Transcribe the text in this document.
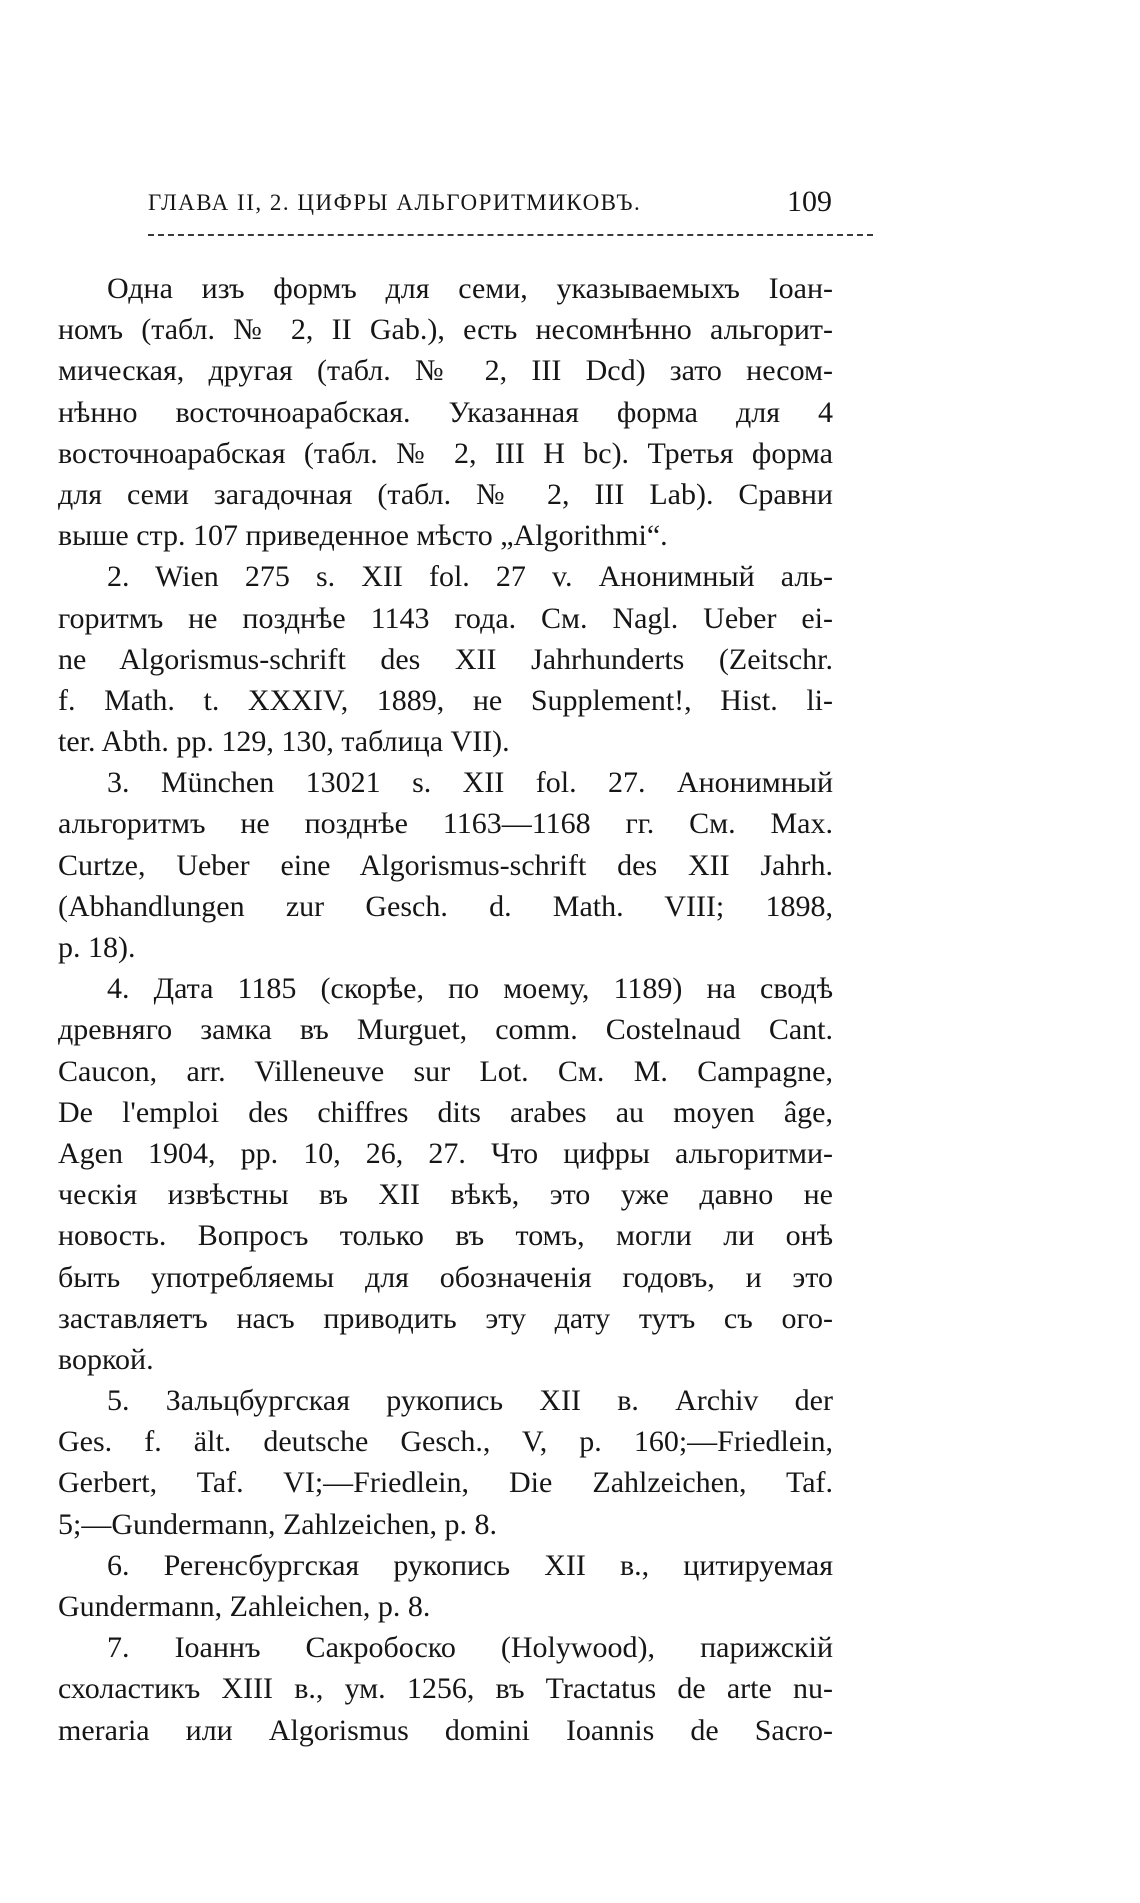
ГЛАВА II, 2. ЦИФРЫ АЛЬГОРИТМИКОВЪ.	109
Одна изъ формъ для семи, указываемыхъ Іоан-
номъ (табл. № 2, II Gab.), есть несомнѣнно альгорит-
мическая, другая (табл. № 2, III Dcd) зато несом-
нѣнно восточноарабская. Указанная форма для 4
восточноарабская (табл. № 2, III H bc). Третья форма
для семи загадочная (табл. № 2, III Lab). Сравни
выше стр. 107 приведенное мѣсто „Algorithmi“.
2. Wien 275 s. XII fol. 27 v. Анонимный аль-
горитмъ не позднѣе 1143 года. См. Nagl. Ueber ei-
ne Algorismus-schrift des XII Jahrhunderts (Zeitschr.
f. Math. t. XXXIV, 1889, не Supplement!, Hist. li-
ter. Abth. pp. 129, 130, таблица VII).
3. München 13021 s. XII fol. 27. Анонимный
альгоритмъ не позднѣе 1163—1168 гг. См. Max.
Curtze, Ueber eine Algorismus-schrift des XII Jahrh.
(Abhandlungen zur Gesch. d. Math. VIII; 1898,
p. 18).
4. Дата 1185 (скорѣе, по моему, 1189) на сводѣ
древняго замка въ Murguet, comm. Costelnaud Cant.
Caucon, arr. Villeneuve sur Lot. См. M. Campagne,
De l'emploi des chiffres dits arabes au moyen âge,
Agen 1904, pp. 10, 26, 27. Что цифры альгоритми-
ческія извѣстны въ XII вѣкѣ, это уже давно не
новость. Вопросъ только въ томъ, могли ли онѣ
быть употребляемы для обозначенія годовъ, и это
заставляетъ насъ приводить эту дату тутъ съ ого-
воркой.
5. Зальцбургская рукопись XII в. Archiv der
Ges. f. ält. deutsche Gesch., V, p. 160;—Friedlein,
Gerbert, Taf. VI;—Friedlein, Die Zahlzeichen, Taf.
5;—Gundermann, Zahlzeichen, p. 8.
6. Регенсбургская рукопись XII в., цитируемая
Gundermann, Zahleichen, p. 8.
7. Іоаннъ Сакробоско (Holywood), парижскій
схоластикъ XIII в., ум. 1256, въ Tractatus de arte nu-
meraria или Algorismus domini Ioannis de Sacro-
